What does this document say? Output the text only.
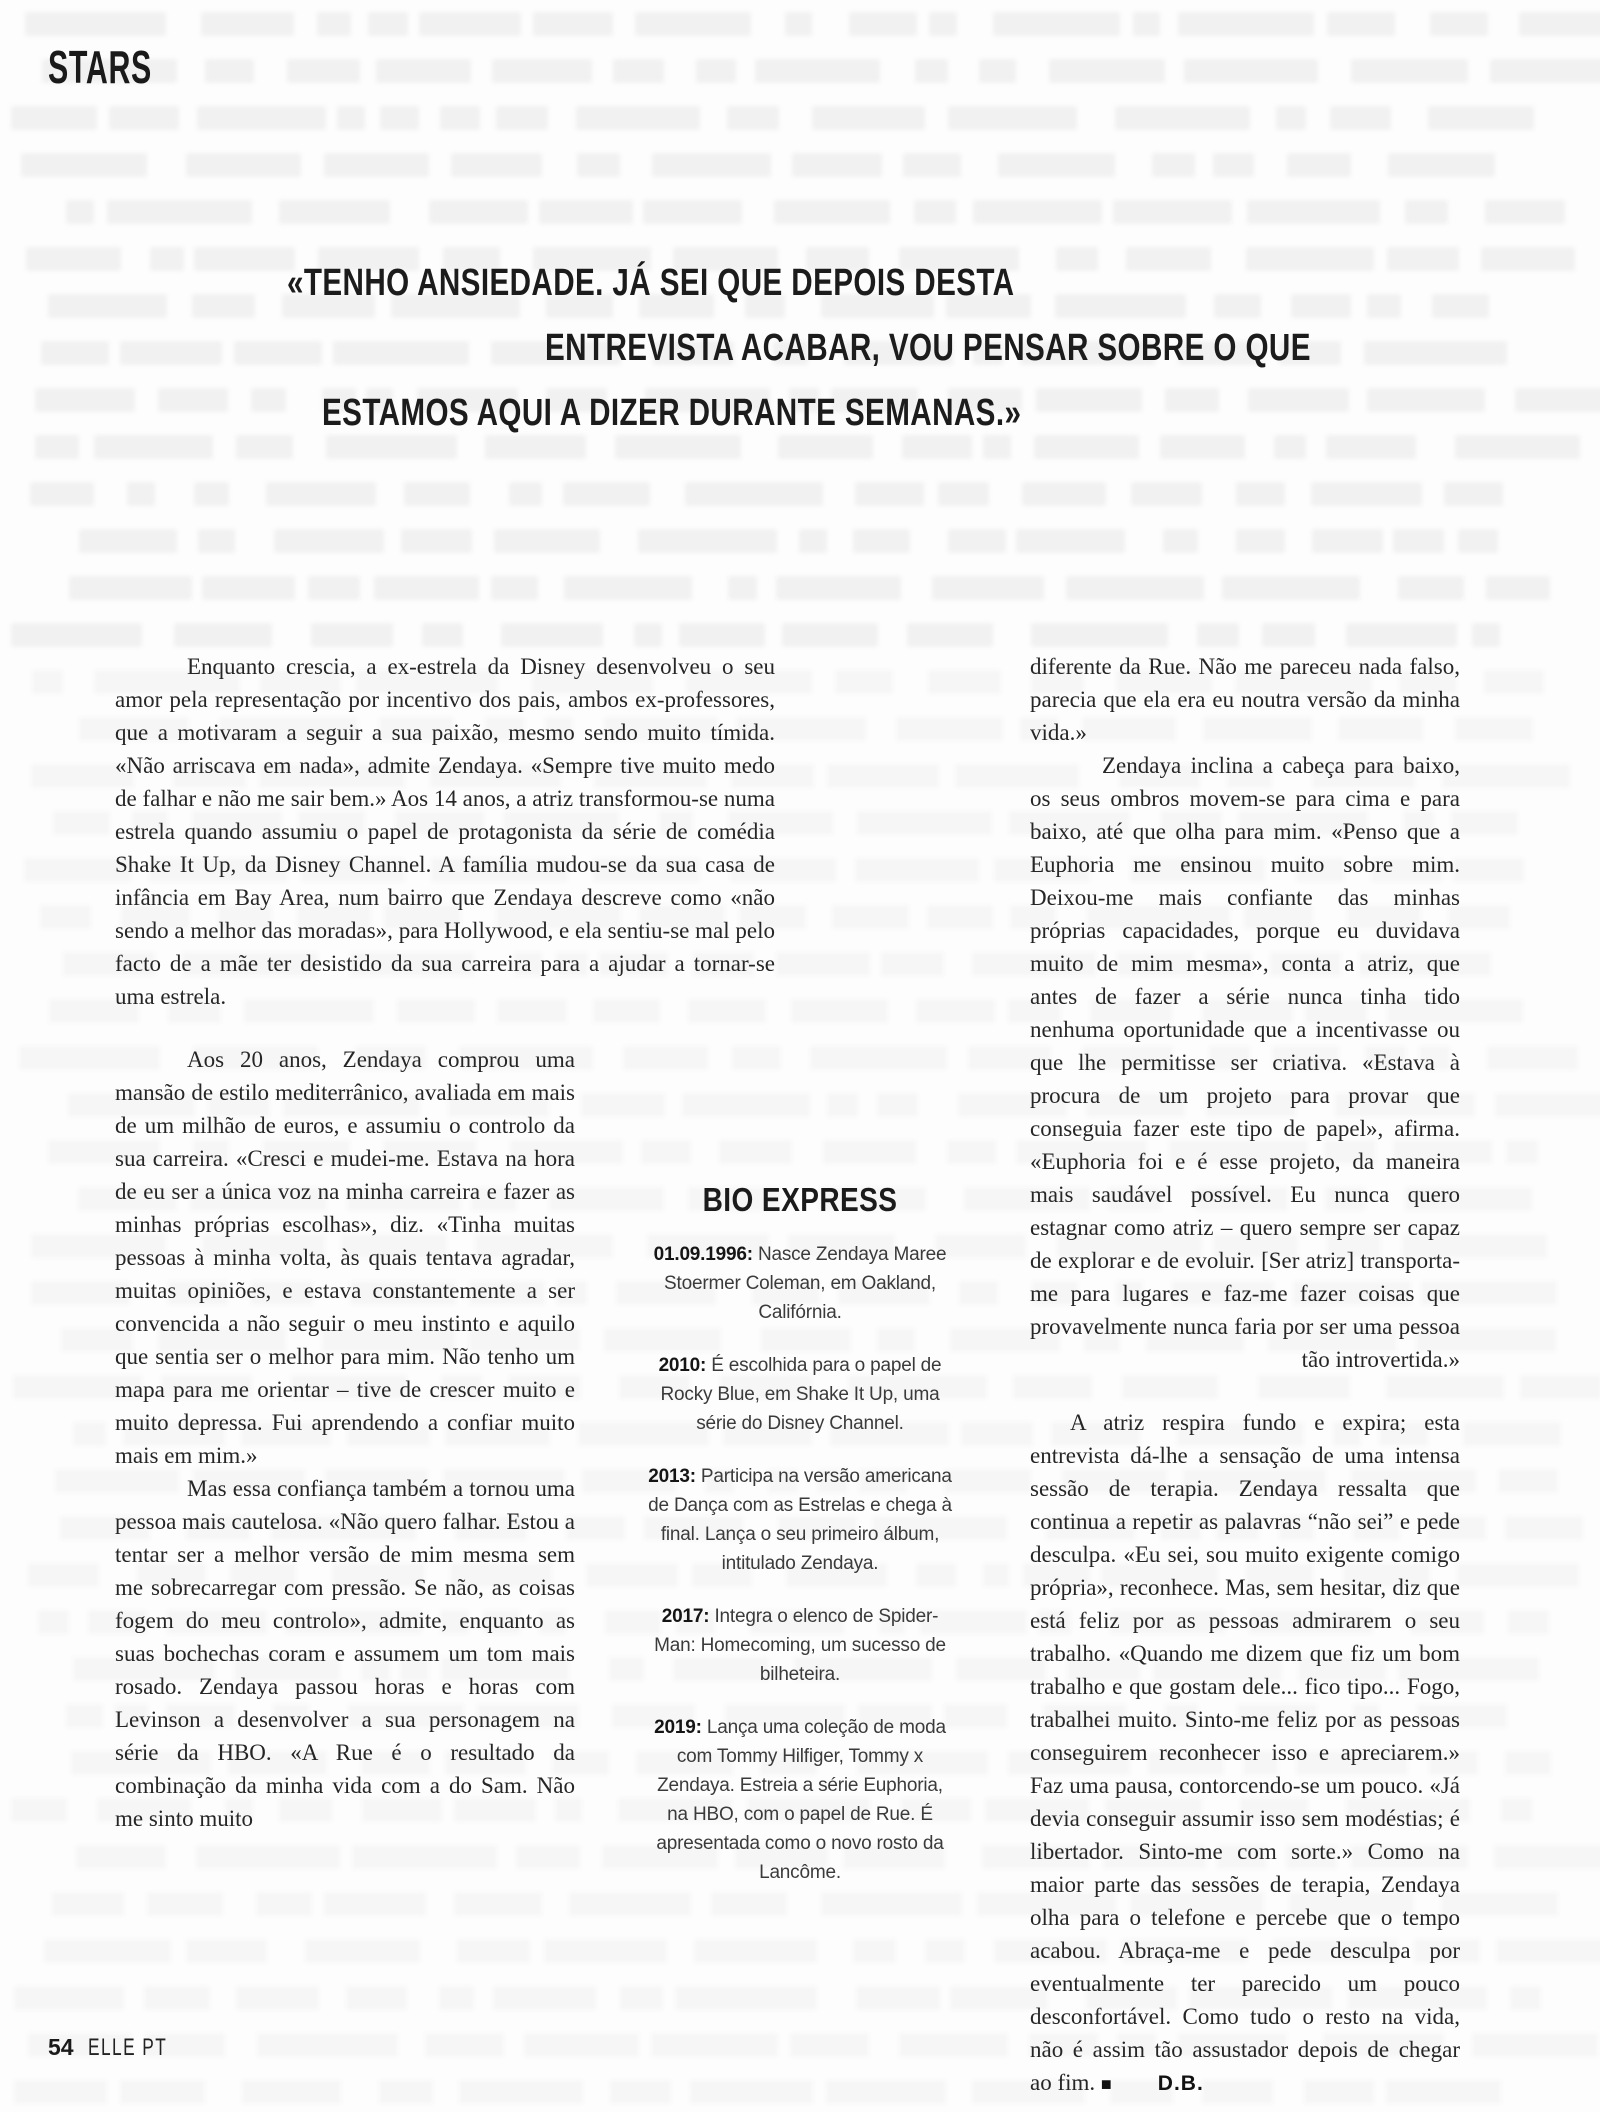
STARS
«TENHO ANSIEDADE. JÁ SEI QUE DEPOIS DESTA
ENTREVISTA ACABAR, VOU PENSAR SOBRE O QUE
ESTAMOS AQUI A DIZER DURANTE SEMANAS.»

Enquanto crescia, a ex-estrela da Disney desenvolveu o seu amor pela representação por incentivo dos pais, ambos ex-professores, que a motivaram a seguir a sua paixão, mesmo sendo muito tímida. «Não arriscava em nada», admite Zendaya. «Sempre tive muito medo de falhar e não me sair bem.» Aos 14 anos, a atriz transformou-se numa estrela quando assumiu o papel de protagonista da série de comédia Shake It Up, da Disney Channel. A família mudou-se da sua casa de infância em Bay Area, num bairro que Zendaya descreve como «não sendo a melhor das moradas», para Hollywood, e ela sentiu-se mal pelo facto de a mãe ter desistido da sua carreira para a ajudar a tornar-se uma estrela.

Aos 20 anos, Zendaya comprou uma mansão de estilo mediterrânico, avaliada em mais de um milhão de euros, e assumiu o controlo da sua carreira. «Cresci e mudei-me. Estava na hora de eu ser a única voz na minha carreira e fazer as minhas próprias escolhas», diz. «Tinha muitas pessoas à minha volta, às quais tentava agradar, muitas opiniões, e estava constantemente a ser convencida a não seguir o meu instinto e aquilo que sentia ser o melhor para mim. Não tenho um mapa para me orientar – tive de crescer muito e muito depressa. Fui aprendendo a confiar muito mais em mim.»

Mas essa confiança também a tornou uma pessoa mais cautelosa. «Não quero falhar. Estou a tentar ser a melhor versão de mim mesma sem me sobrecarregar com pressão. Se não, as coisas fogem do meu controlo», admite, enquanto as suas bochechas coram e assumem um tom mais rosado. Zendaya passou horas e horas com Levinson a desenvolver a sua personagem na série da HBO. «A Rue é o resultado da combinação da minha vida com a do Sam. Não me sinto muito

diferente da Rue. Não me pareceu nada falso, parecia que ela era eu noutra versão da minha vida.»

Zendaya inclina a cabeça para baixo, os seus ombros movem-se para cima e para baixo, até que olha para mim. «Penso que a Euphoria me ensinou muito sobre mim. Deixou-me mais confiante das minhas próprias capacidades, porque eu duvidava muito de mim mesma», conta a atriz, que antes de fazer a série nunca tinha tido nenhuma oportunidade que a incentivasse ou que lhe permitisse ser criativa. «Estava à procura de um projeto para provar que conseguia fazer este tipo de papel», afirma. «Euphoria foi e é esse projeto, da maneira mais saudável possível. Eu nunca quero estagnar como atriz – quero sempre ser capaz de explorar e de evoluir. [Ser atriz] transporta-me para lugares e faz-me fazer coisas que provavelmente nunca faria por ser uma pessoa tão introvertida.»

A atriz respira fundo e expira; esta entrevista dá-lhe a sensação de uma intensa sessão de terapia. Zendaya ressalta que continua a repetir as palavras “não sei” e pede desculpa. «Eu sei, sou muito exigente comigo própria», reconhece. Mas, sem hesitar, diz que está feliz por as pessoas admirarem o seu trabalho. «Quando me dizem que fiz um bom trabalho e que gostam dele... fico tipo... Fogo, trabalhei muito. Sinto-me feliz por as pessoas conseguirem reconhecer isso e apreciarem.» Faz uma pausa, contorcendo-se um pouco. «Já devia conseguir assumir isso sem modéstias; é libertador. Sinto-me com sorte.» Como na maior parte das sessões de terapia, Zendaya olha para o telefone e percebe que o tempo acabou. Abraça-me e pede desculpa por eventualmente ter parecido um pouco desconfortável. Como tudo o resto na vida, não é assim tão assustador depois de chegar ao fim. ■ D.B.

BIO EXPRESS
01.09.1996: Nasce Zendaya Maree Stoermer Coleman, em Oakland, Califórnia.
2010: É escolhida para o papel de Rocky Blue, em Shake It Up, uma série do Disney Channel.
2013: Participa na versão americana de Dança com as Estrelas e chega à final. Lança o seu primeiro álbum, intitulado Zendaya.
2017: Integra o elenco de Spider-Man: Homecoming, um sucesso de bilheteira.
2019: Lança uma coleção de moda com Tommy Hilfiger, Tommy x Zendaya. Estreia a série Euphoria, na HBO, com o papel de Rue. É apresentada como o novo rosto da Lancôme.
54 ELLE PT
